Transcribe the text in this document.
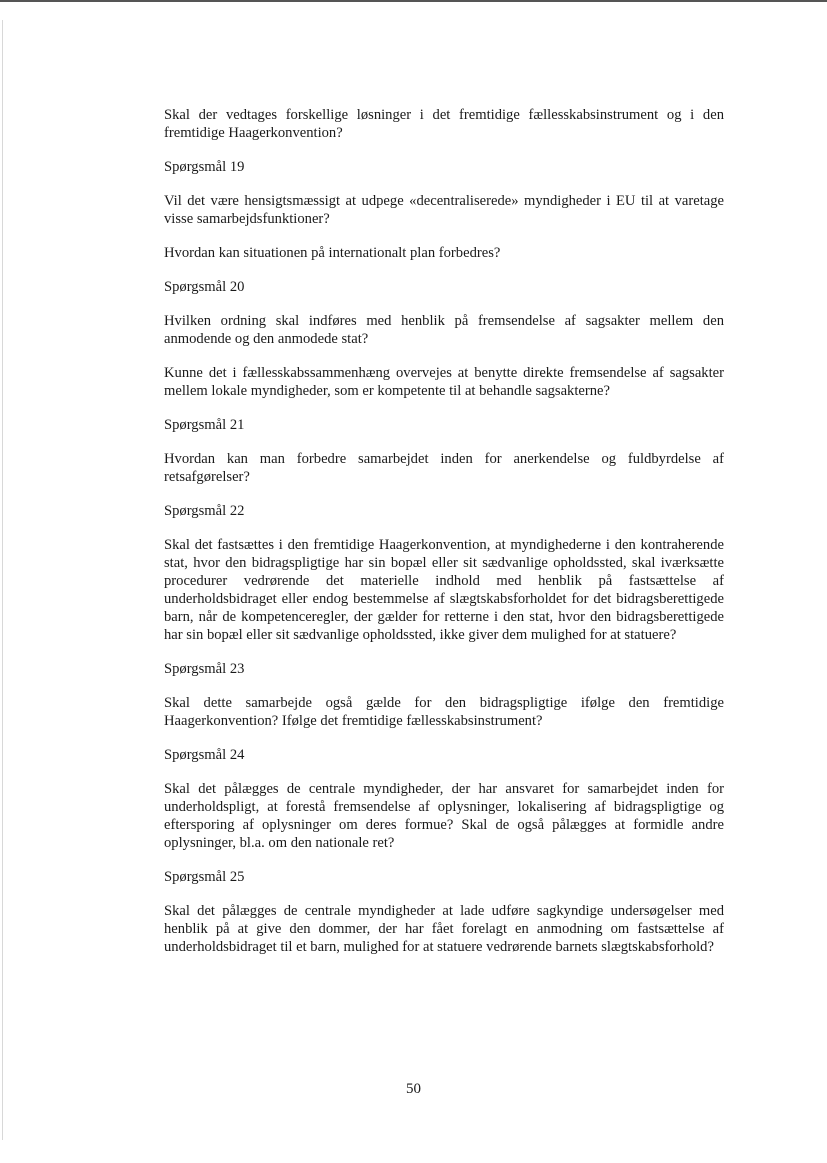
Skal der vedtages forskellige løsninger i det fremtidige fællesskabsinstrument og i den fremtidige Haagerkonvention?

Spørgsmål 19

Vil det være hensigtsmæssigt at udpege «decentraliserede» myndigheder i EU til at varetage visse samarbejdsfunktioner?

Hvordan kan situationen på internationalt plan forbedres?

Spørgsmål 20

Hvilken ordning skal indføres med henblik på fremsendelse af sagsakter mellem den anmodende og den anmodede stat?

Kunne det i fællesskabssammenhæng overvejes at benytte direkte fremsendelse af sagsakter mellem lokale myndigheder, som er kompetente til at behandle sagsakterne?

Spørgsmål 21

Hvordan kan man forbedre samarbejdet inden for anerkendelse og fuldbyrdelse af retsafgørelser?

Spørgsmål 22

Skal det fastsættes i den fremtidige Haagerkonvention, at myndighederne i den kontraherende stat, hvor den bidragspligtige har sin bopæl eller sit sædvanlige opholdssted, skal iværksætte procedurer vedrørende det materielle indhold med henblik på fastsættelse af underholdsbidraget eller endog bestemmelse af slægtskabsforholdet for det bidragsberettigede barn, når de kompetenceregler, der gælder for retterne i den stat, hvor den bidragsberettigede har sin bopæl eller sit sædvanlige opholdssted, ikke giver dem mulighed for at statuere?

Spørgsmål 23

Skal dette samarbejde også gælde for den bidragspligtige ifølge den fremtidige Haagerkonvention? Ifølge det fremtidige fællesskabsinstrument?

Spørgsmål 24

Skal det pålægges de centrale myndigheder, der har ansvaret for samarbejdet inden for underholdspligt, at forestå fremsendelse af oplysninger, lokalisering af bidragspligtige og eftersporing af oplysninger om deres formue? Skal de også pålægges at formidle andre oplysninger, bl.a. om den nationale ret?

Spørgsmål 25

Skal det pålægges de centrale myndigheder at lade udføre sagkyndige undersøgelser med henblik på at give den dommer, der har fået forelagt en anmodning om fastsættelse af underholdsbidraget til et barn, mulighed for at statuere vedrørende barnets slægtskabsforhold?

50
